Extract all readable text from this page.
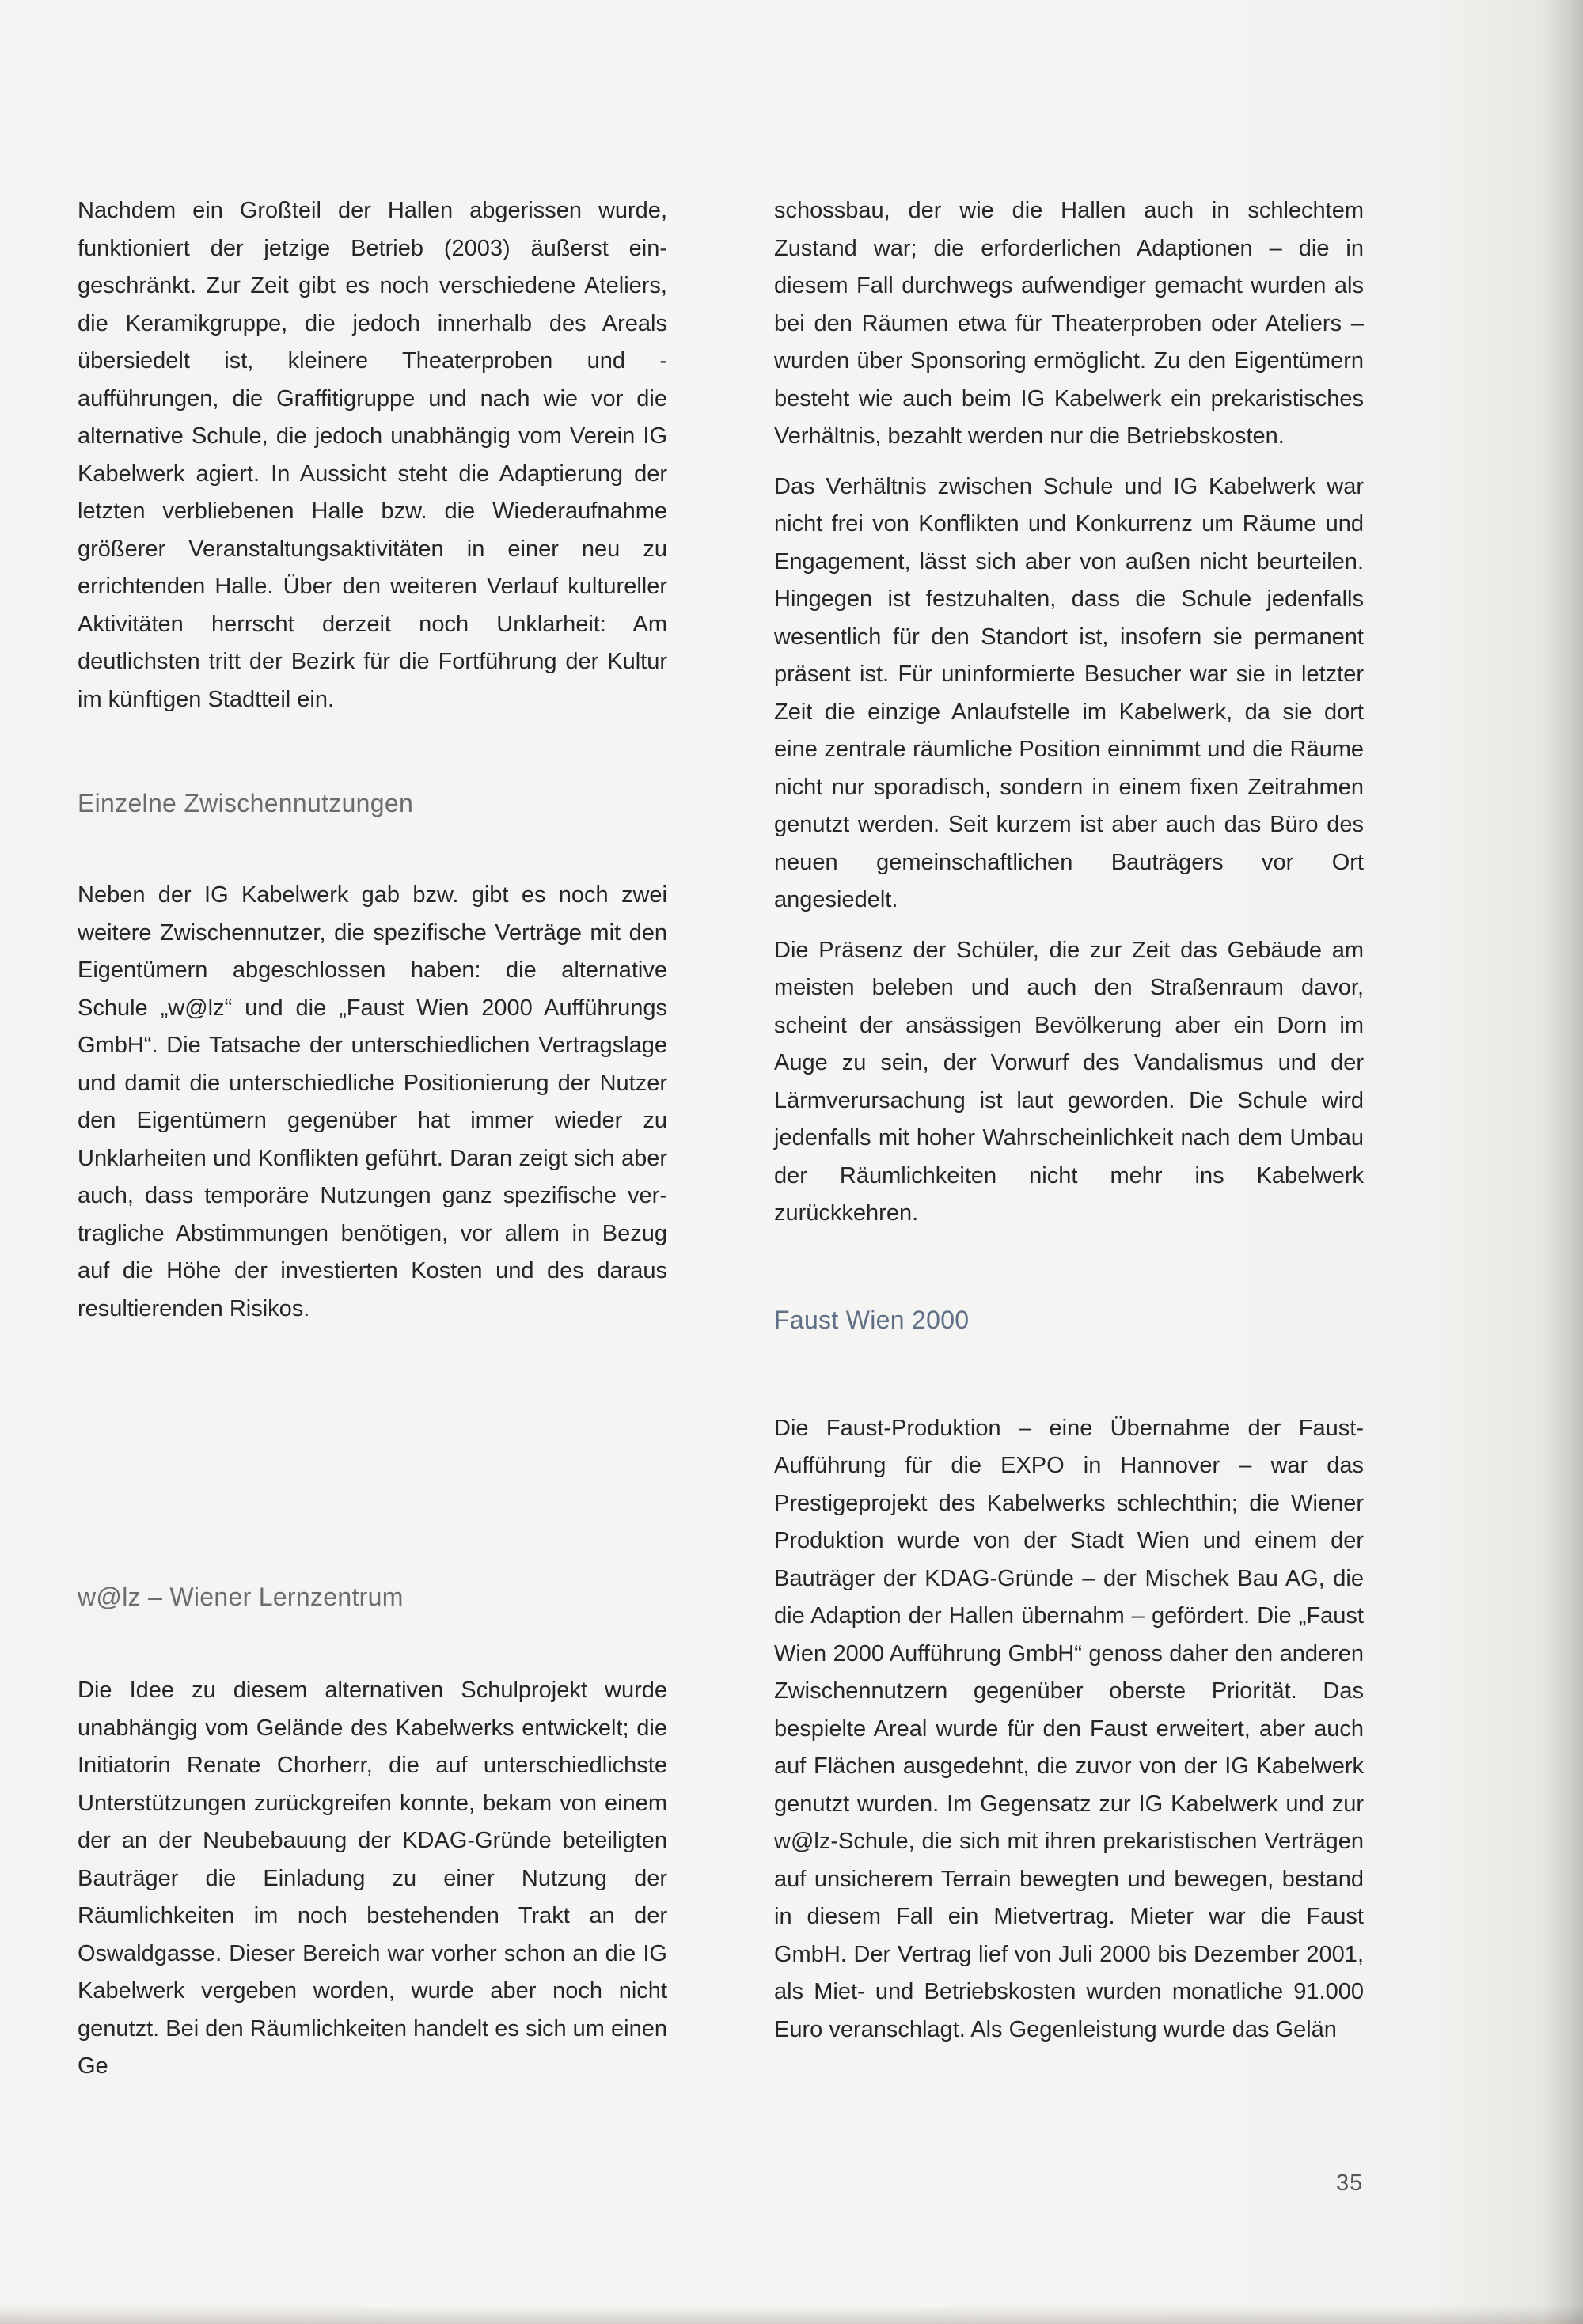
Nachdem ein Großteil der Hallen abgerissen wurde, funktioniert der jetzige Betrieb (2003) äußerst eingeschränkt. Zur Zeit gibt es noch verschiedene Ateliers, die Keramikgruppe, die jedoch innerhalb des Areals übersiedelt ist, kleinere Theaterproben und -aufführungen, die Graffitigruppe und nach wie vor die alternative Schule, die jedoch unabhängig vom Verein IG Kabelwerk agiert. In Aussicht steht die Adaptierung der letzten verbliebenen Halle bzw. die Wiederaufnahme größerer Veranstaltungsaktivitäten in einer neu zu errichtenden Halle. Über den weiteren Verlauf kultureller Aktivitäten herrscht derzeit noch Unklarheit: Am deutlichsten tritt der Bezirk für die Fortführung der Kultur im künftigen Stadtteil ein.

Einzelne Zwischennutzungen

Neben der IG Kabelwerk gab bzw. gibt es noch zwei weitere Zwischennutzer, die spezifische Verträge mit den Eigentümern abgeschlossen haben: die alternative Schule „w@lz“ und die „Faust Wien 2000 Aufführungs GmbH“. Die Tatsache der unterschiedlichen Vertragslage und damit die unterschiedliche Positionierung der Nutzer den Eigentümern gegenüber hat immer wieder zu Unklarheiten und Konflikten geführt. Daran zeigt sich aber auch, dass temporäre Nutzungen ganz spezifische vertragliche Abstimmungen benötigen, vor allem in Bezug auf die Höhe der investierten Kosten und des daraus resultierenden Risikos.

w@lz – Wiener Lernzentrum

Die Idee zu diesem alternativen Schulprojekt wurde unabhängig vom Gelände des Kabelwerks entwickelt; die Initiatorin Renate Chorherr, die auf unterschiedlichste Unterstützungen zurückgreifen konnte, bekam von einem der an der Neubebauung der KDAG-Gründe beteiligten Bauträger die Einladung zu einer Nutzung der Räumlichkeiten im noch bestehenden Trakt an der Oswaldgasse. Dieser Bereich war vorher schon an die IG Kabelwerk vergeben worden, wurde aber noch nicht genutzt. Bei den Räumlichkeiten handelt es sich um einen Ge

schossbau, der wie die Hallen auch in schlechtem Zustand war; die erforderlichen Adaptionen – die in diesem Fall durchwegs aufwendiger gemacht wurden als bei den Räumen etwa für Theaterproben oder Ateliers – wurden über Sponsoring ermöglicht. Zu den Eigentümern besteht wie auch beim IG Kabelwerk ein prekaristisches Verhältnis, bezahlt werden nur die Betriebskosten.

Das Verhältnis zwischen Schule und IG Kabelwerk war nicht frei von Konflikten und Konkurrenz um Räume und Engagement, lässt sich aber von außen nicht beurteilen. Hingegen ist festzuhalten, dass die Schule jedenfalls wesentlich für den Standort ist, insofern sie permanent präsent ist. Für uninformierte Besucher war sie in letzter Zeit die einzige Anlaufstelle im Kabelwerk, da sie dort eine zentrale räumliche Position einnimmt und die Räume nicht nur sporadisch, sondern in einem fixen Zeitrahmen genutzt werden. Seit kurzem ist aber auch das Büro des neuen gemeinschaftlichen Bauträgers vor Ort angesiedelt.

Die Präsenz der Schüler, die zur Zeit das Gebäude am meisten beleben und auch den Straßenraum davor, scheint der ansässigen Bevölkerung aber ein Dorn im Auge zu sein, der Vorwurf des Vandalismus und der Lärmverursachung ist laut geworden. Die Schule wird jedenfalls mit hoher Wahrscheinlichkeit nach dem Umbau der Räumlichkeiten nicht mehr ins Kabelwerk zurückkehren.

Faust Wien 2000

Die Faust-Produktion – eine Übernahme der Faust-Aufführung für die EXPO in Hannover – war das Prestigeprojekt des Kabelwerks schlechthin; die Wiener Produktion wurde von der Stadt Wien und einem der Bauträger der KDAG-Gründe – der Mischek Bau AG, die die Adaption der Hallen übernahm – gefördert. Die „Faust Wien 2000 Aufführung GmbH“ genoss daher den anderen Zwischennutzern gegenüber oberste Priorität. Das bespielte Areal wurde für den Faust erweitert, aber auch auf Flächen ausgedehnt, die zuvor von der IG Kabelwerk genutzt wurden. Im Gegensatz zur IG Kabelwerk und zur w@lz-Schule, die sich mit ihren prekaristischen Verträgen auf unsicherem Terrain bewegten und bewegen, bestand in diesem Fall ein Mietvertrag. Mieter war die Faust GmbH. Der Vertrag lief von Juli 2000 bis Dezember 2001, als Miet- und Betriebskosten wurden monatliche 91.000 Euro veranschlagt. Als Gegenleistung wurde das Gelän

35
